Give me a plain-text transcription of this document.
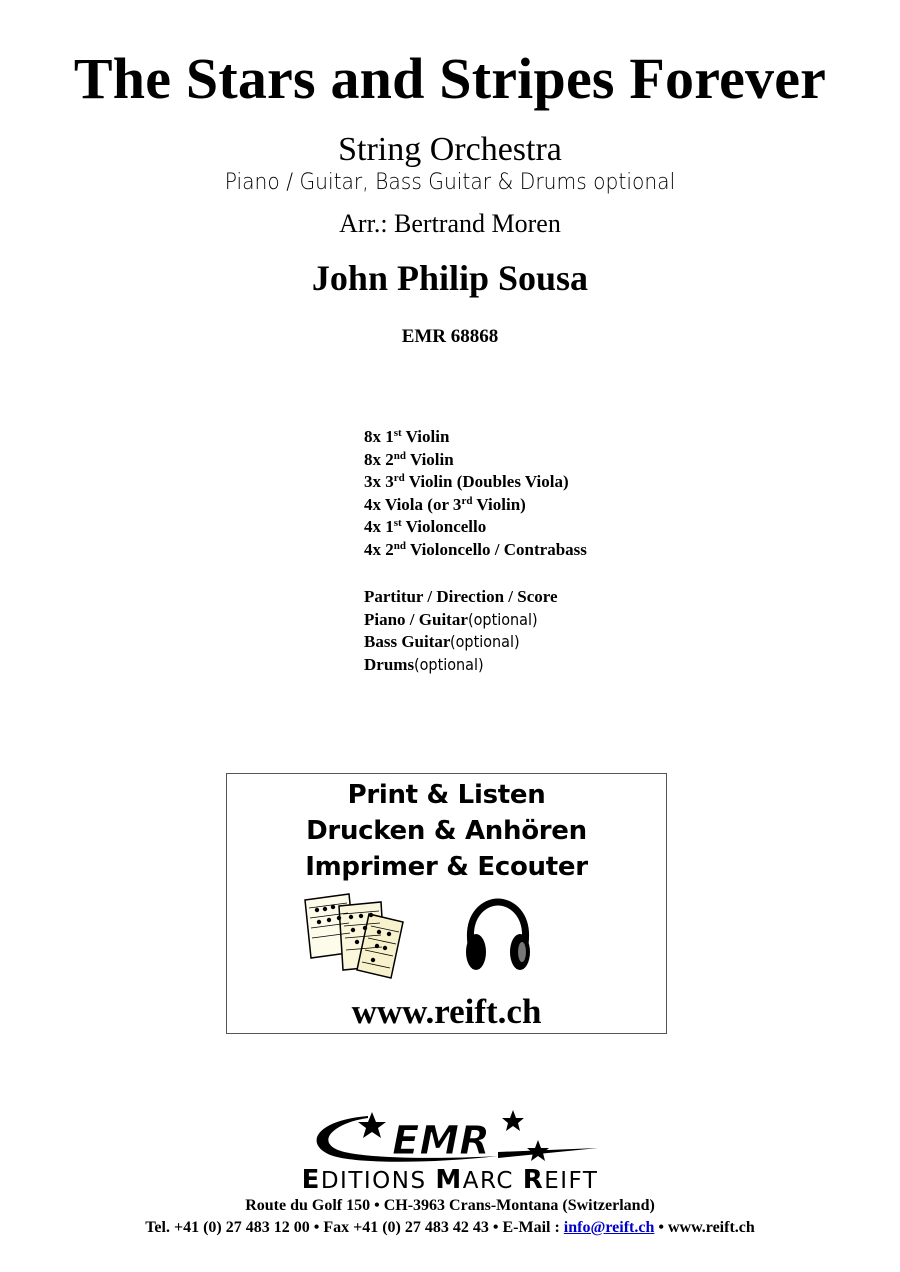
The Stars and Stripes Forever
String Orchestra
Piano / Guitar, Bass Guitar & Drums optional
Arr.: Bertrand Moren
John Philip Sousa
EMR 68868
8x 1st Violin
8x 2nd Violin
3x 3rd Violin (Doubles Viola)
4x Viola (or 3rd Violin)
4x 1st Violoncello
4x 2nd Violoncello / Contrabass
Partitur / Direction / Score
Piano / Guitar(optional)
Bass Guitar(optional)
Drums(optional)
Print & Listen
Drucken & Anhören
Imprimer & Ecouter
www.reift.ch
EMR
EDITIONS MARC REIFT
Route du Golf 150 • CH-3963 Crans-Montana (Switzerland)
Tel. +41 (0) 27 483 12 00 • Fax +41 (0) 27 483 42 43 • E-Mail : info@reift.ch • www.reift.ch
